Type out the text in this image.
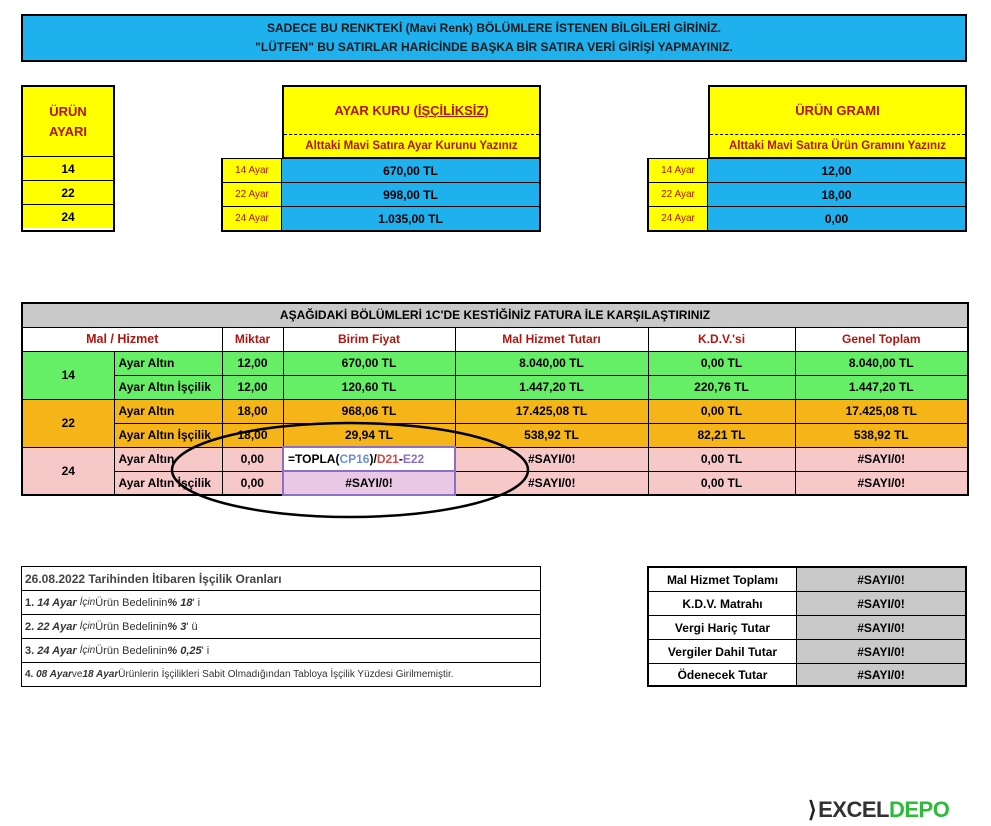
SADECE BU RENKTEKİ (Mavi Renk) BÖLÜMLERE İSTENEN BİLGİLERİ GİRİNİZ.
"LÜTFEN" BU SATIRLAR HARİCİNDE BAŞKA BİR SATIRA VERİ GİRİŞİ YAPMAYINIZ.
ÜRÜN AYARI
14
22
24
AYAR KURU ( İŞÇİLİKSİZ )
Alttaki Mavi Satıra Ayar Kurunu Yazınız
14 Ayar	670,00 TL
22 Ayar	998,00 TL
24 Ayar	1.035,00 TL
ÜRÜN GRAMI
Alttaki Mavi Satıra Ürün Gramını Yazınız
14 Ayar	12,00
22 Ayar	18,00
24 Ayar	0,00
AŞAĞIDAKİ BÖLÜMLERİ 1C'DE KESTİĞİNİZ FATURA İLE KARŞILAŞTIRINIZ						
Mal / Hizmet		Miktar	Birim Fiyat	Mal Hizmet Tutarı	K.D.V.'si	Genel Toplam
14	Ayar Altın	12,00	670,00 TL	8.040,00 TL	0,00 TL	8.040,00 TL
	Ayar Altın İşçilik	12,00	120,60 TL	1.447,20 TL	220,76 TL	1.447,20 TL
22	Ayar Altın	18,00	968,06 TL	17.425,08 TL	0,00 TL	17.425,08 TL
	Ayar Altın İşçilik	18,00	29,94 TL	538,92 TL	82,21 TL	538,92 TL
24	Ayar Altın	0,00	=TOPLA(CP16)/D21-E22	#SAYI/0!	0,00 TL	#SAYI/0!
	Ayar Altın İşçilik	0,00	#SAYI/0!	#SAYI/0!	0,00 TL	#SAYI/0!
26.08.2022 Tarihinden İtibaren İşçilik Oranları
1.
14 Ayar
İçin Ürün Bedelinin % 18 ' i
2.
22 Ayar
İçin Ürün Bedelinin % 3 ' ü
3.
24 Ayar
İçin Ürün Bedelinin % 0,25 ' i
4.
08 Ayar ve 18 Ayar Ürünlerin İşçilikleri Sabit Olmadığından Tabloya İşçilik Yüzdesi Girilmemiştir.
Mal Hizmet Toplamı	#SAYI/0!
K.D.V. Matrahı	#SAYI/0!
Vergi Hariç Tutar	#SAYI/0!
Vergiler Dahil Tutar	#SAYI/0!
Ödenecek Tutar	#SAYI/0!
⟩ EXCEL DEPO
